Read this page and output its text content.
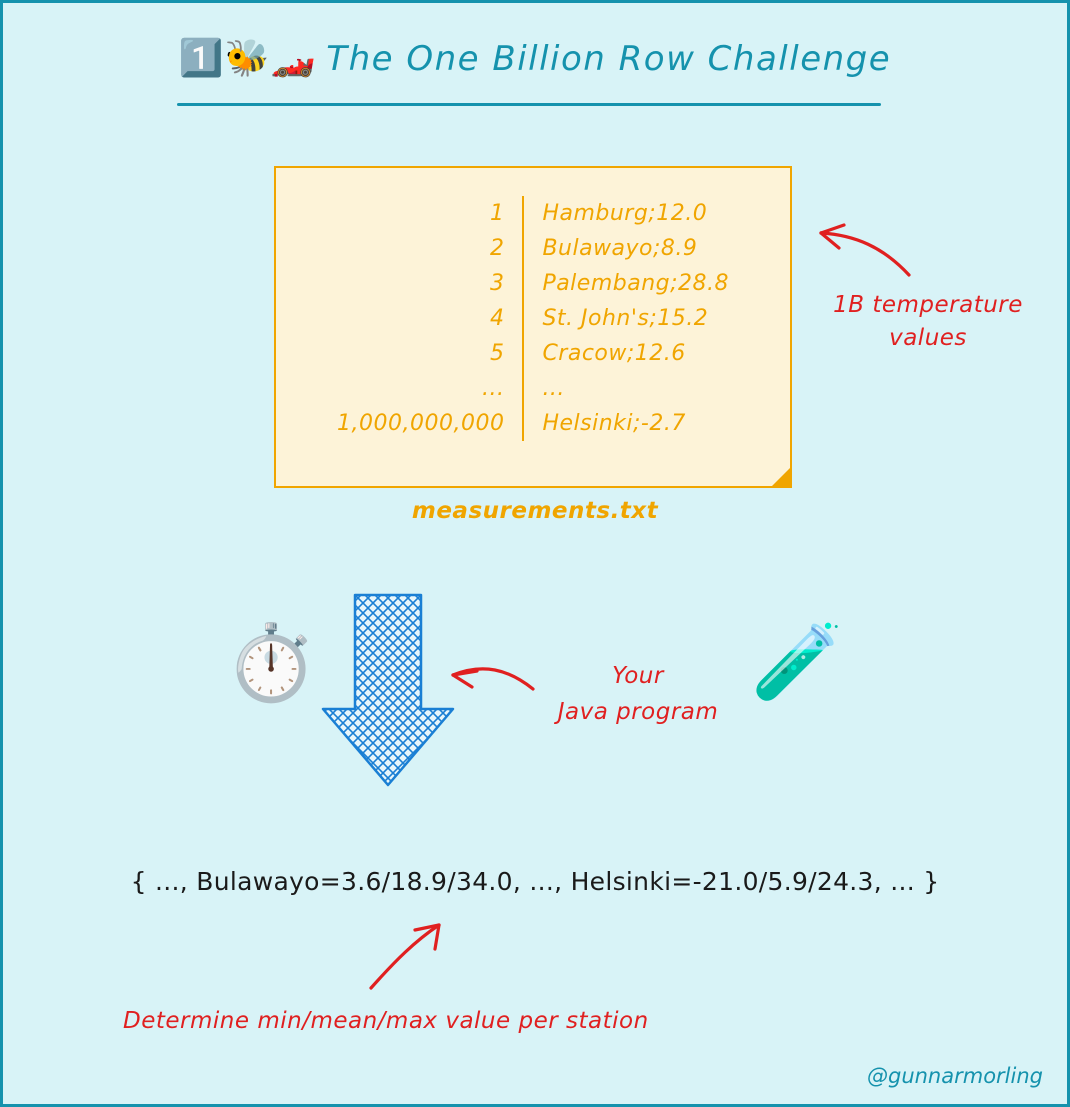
1️⃣🐝🏎️ The One Billion Row Challenge
1
2
3
4
5
...
1,000,000,000
Hamburg;12.0
Bulawayo;8.9
Palembang;28.8
St. John's;15.2
Cracow;12.6
...
Helsinki;-2.7
measurements.txt
1B temperature
values
⏱️	🧪
Your
Java program
{ ..., Bulawayo=3.6/18.9/34.0, ..., Helsinki=-21.0/5.9/24.3, ... }
Determine min/mean/max value per station
@gunnarmorling
